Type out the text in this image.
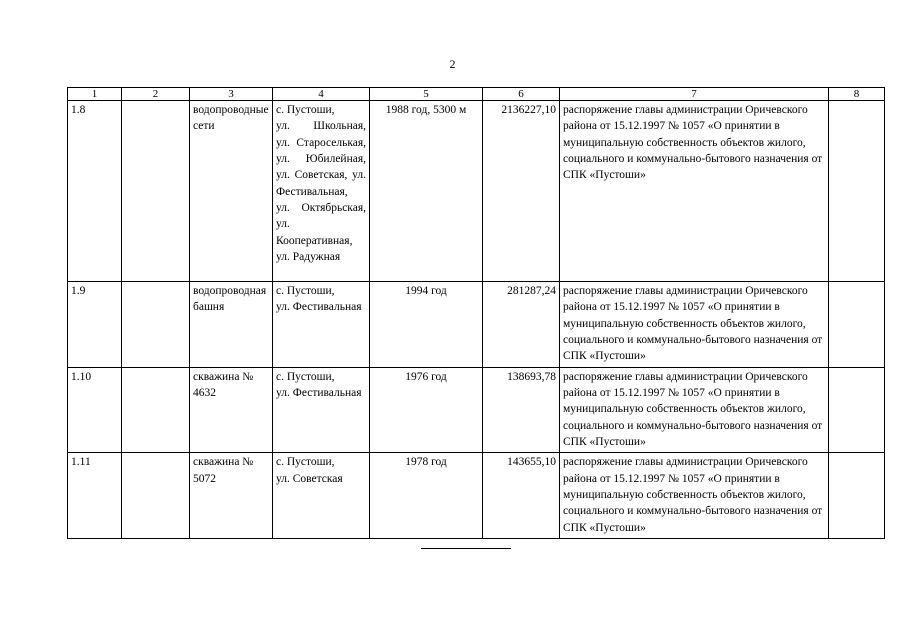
2
1	2	3	4	5	6	7	8
1.8		водопроводные сети	с. Пустоши,
ул. Школьная,
ул. Староселькая, ул. Юбилейная, ул. Советская, ул. Фестивальная,
ул. Октябрьская, ул. Кооперативная,
ул. Радужная	1988 год, 5300 м	2136227,10	распоряжение главы администрации Оричевского района от 15.12.1997 № 1057 «О принятии в муниципальную собственность объектов жилого, социального и коммунально-бытового назначения от СПК «Пустоши»	
1.9		водопроводная башня	с. Пустоши,
ул. Фестивальная	1994 год	281287,24	распоряжение главы администрации Оричевского района от 15.12.1997 № 1057 «О принятии в муниципальную собственность объектов жилого, социального и коммунально-бытового назначения от СПК «Пустоши»	
1.10		скважина № 4632	с. Пустоши,
ул. Фестивальная	1976 год	138693,78	распоряжение главы администрации Оричевского района от 15.12.1997 № 1057 «О принятии в муниципальную собственность объектов жилого, социального и коммунально-бытового назначения от СПК «Пустоши»	
1.11		скважина № 5072	с. Пустоши,
ул. Советская	1978 год	143655,10	распоряжение главы администрации Оричевского района от 15.12.1997 № 1057 «О принятии в муниципальную собственность объектов жилого, социального и коммунально-бытового назначения от СПК «Пустоши»	
